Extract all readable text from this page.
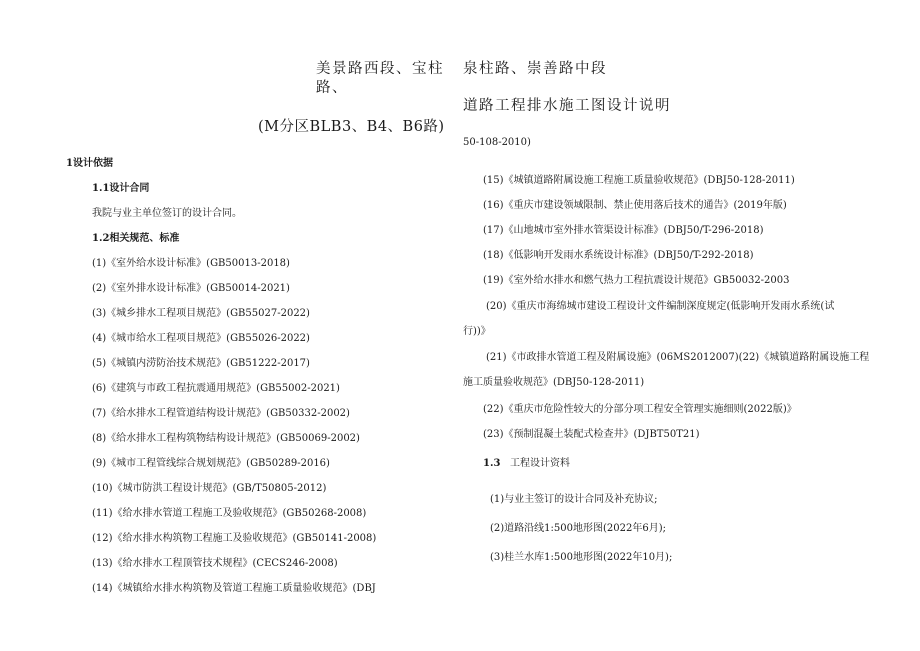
美景路西段、宝柱
路、
泉柱路、崇善路中段
道路工程排水施工图设计说明
(M分区BLB3、B4、B6路)
50-108-2010)
1设计依据
1.1设计合同
我院与业主单位签订的设计合同。
1.2相关规范、标准
(1)《室外给水设计标准》(GB50013-2018)
(2)《室外排水设计标准》(GB50014-2021)
(3)《城乡排水工程项目规范》(GB55027-2022)
(4)《城市给水工程项目规范》(GB55026-2022)
(5)《城镇内涝防治技术规范》(GB51222-2017)
(6)《建筑与市政工程抗震通用规范》(GB55002-2021)
(7)《给水排水工程管道结构设计规范》(GB50332-2002)
(8)《给水排水工程构筑物结构设计规范》(GB50069-2002)
(9)《城市工程管线综合规划规范》(GB50289-2016)
(10)《城市防洪工程设计规范》(GB/T50805-2012)
(11)《给水排水管道工程施工及验收规范》(GB50268-2008)
(12)《给水排水构筑物工程施工及验收规范》(GB50141-2008)
(13)《给水排水工程顶管技术规程》(CECS246-2008)
(14)《城镇给水排水构筑物及管道工程施工质量验收规范》(DBJ
(15)《城镇道路附属设施工程施工质量验收规范》(DBJ50-128-2011)
(16)《重庆市建设领域限制、禁止使用落后技术的通告》(2019年版)
(17)《山地城市室外排水管渠设计标准》(DBJ50/T-296-2018)
(18)《低影响开发雨水系统设计标准》(DBJ50/T-292-2018)
(19)《室外给水排水和燃气热力工程抗震设计规范》GB50032-2003
(20)《重庆市海绵城市建设工程设计文件编制深度规定(低影响开发雨水系统(试
行))》
(21)《市政排水管道工程及附属设施》(06MS2012007)(22)《城镇道路附属设施工程
施工质量验收规范》(DBJ50-128-2011)
(22)《重庆市危险性较大的分部分项工程安全管理实施细则(2022版)》
(23)《预制混凝土装配式检查井》(DJBT50T21)
1.3 工程设计资料
(1)与业主签订的设计合同及补充协议;
(2)道路沿线1:500地形图(2022年6月);
(3)桂兰水库1:500地形图(2022年10月);
